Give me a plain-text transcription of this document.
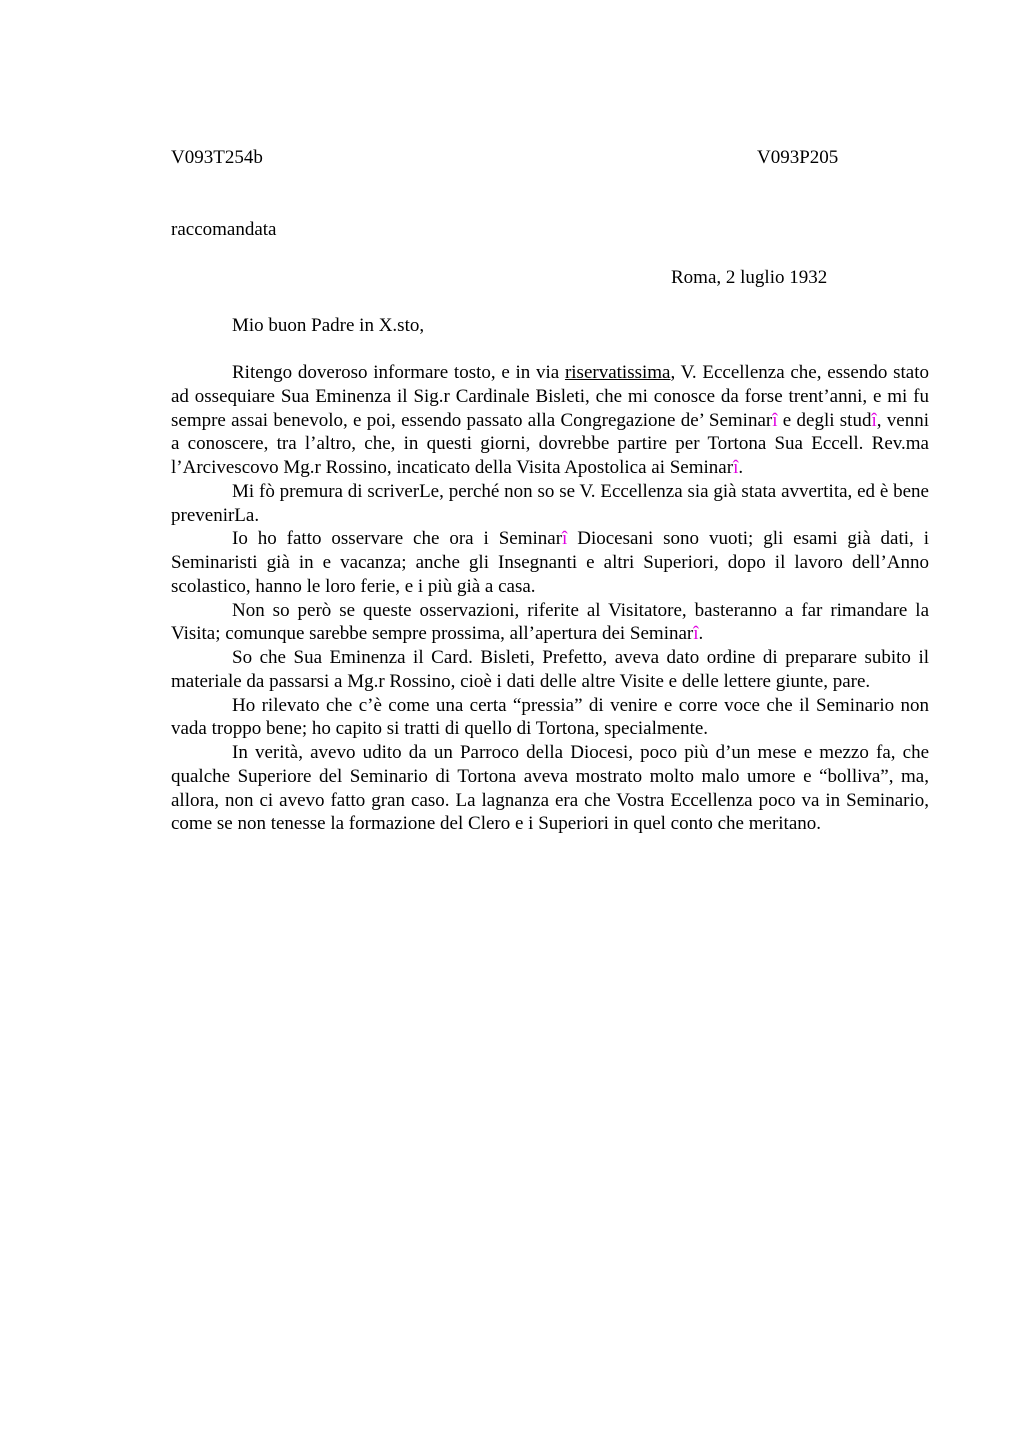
V093T254b	V093P205
raccomandata
Roma, 2 luglio 1932
Mio buon Padre in X.sto,

Ritengo doveroso informare tosto, e in via riservatissima, V. Eccellenza che, essendo stato ad ossequiare Sua Eminenza il Sig.r Cardinale Bisleti, che mi conosce da forse trent’anni, e mi fu sempre assai benevolo, e poi, essendo passato alla Congregazione de’ Seminarî e degli studî, venni a conoscere, tra l’altro, che, in questi giorni, dovrebbe partire per Tortona Sua Eccell. Rev.ma l’Arcivescovo Mg.r Rossino, incaticato della Visita Apostolica ai Seminarî.

Mi fò premura di scriverLe, perché non so se V. Eccellenza sia già stata avvertita, ed è bene prevenirLa.

Io ho fatto osservare che ora i Seminarî Diocesani sono vuoti; gli esami già dati, i Seminaristi già in e vacanza; anche gli Insegnanti e altri Superiori, dopo il lavoro dell’Anno scolastico, hanno le loro ferie, e i più già a casa.

Non so però se queste osservazioni, riferite al Visitatore, basteranno a far rimandare la Visita; comunque sarebbe sempre prossima, all’apertura dei Seminarî.

So che Sua Eminenza il Card. Bisleti, Prefetto, aveva dato ordine di preparare subito il materiale da passarsi a Mg.r Rossino, cioè i dati delle altre Visite e delle lettere giunte, pare.

Ho rilevato che c’è come una certa “pressia” di venire e corre voce che il Seminario non vada troppo bene; ho capito si tratti di quello di Tortona, specialmente.

In verità, avevo udito da un Parroco della Diocesi, poco più d’un mese e mezzo fa, che qualche Superiore del Seminario di Tortona aveva mostrato molto malo umore e “bolliva”, ma, allora, non ci avevo fatto gran caso. La lagnanza era che Vostra Eccellenza poco va in Seminario, come se non tenesse la formazione del Clero e i Superiori in quel conto che meritano.
